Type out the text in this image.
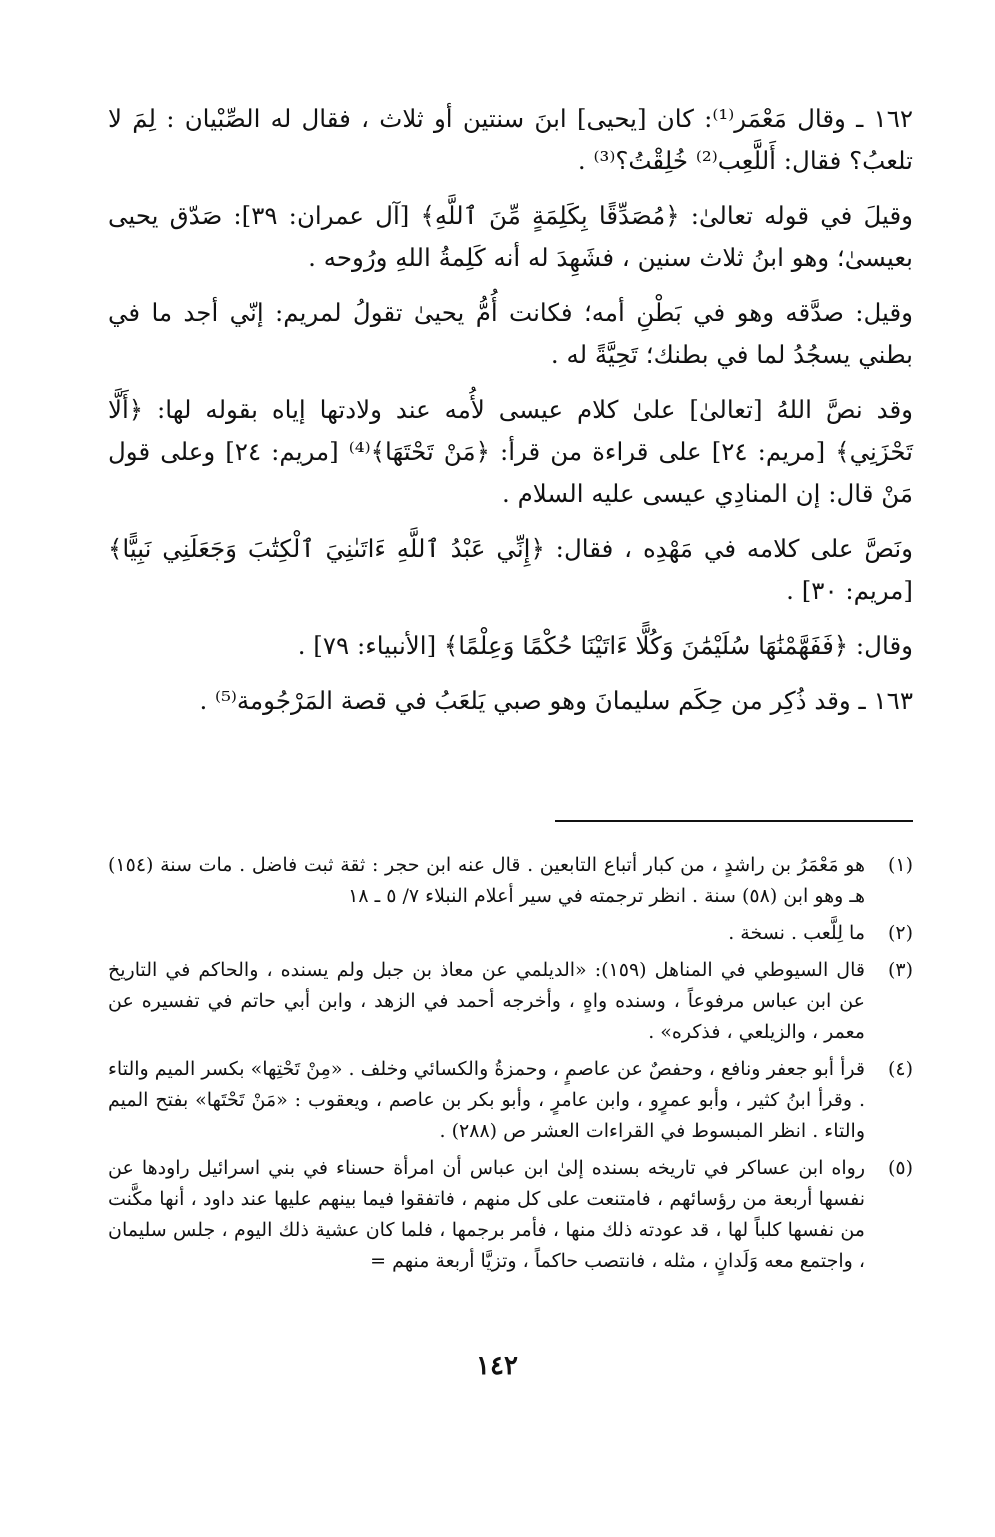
١٦٢ ـ وقال مَعْمَر⁽¹⁾: كان [يحيى] ابنَ سنتين أو ثلاث ، فقال له الصِّبْيان : لِمَ لا تلعبُ؟ فقال: أَللَّعِب⁽²⁾ خُلِقْتُ؟⁽³⁾ .

وقيلَ في قوله تعالىٰ: ﴿مُصَدِّقًا بِكَلِمَةٍ مِّنَ ٱللَّهِ﴾ [آل عمران: ٣٩]: صَدّق يحيى بعيسىٰ؛ وهو ابنُ ثلاث سنين ، فشَهِدَ له أنه كَلِمةُ اللهِ ورُوحه .

وقيل: صدَّقه وهو في بَطْنِ أمه؛ فكانت أُمُّ يحيىٰ تقولُ لمريم: إنّي أجد ما في بطني يسجُدُ لما في بطنك؛ تَحِيَّةً له .

وقد نصَّ اللهُ [تعالىٰ] علىٰ كلام عيسى لأُمه عند ولادتها إياه بقوله لها: ﴿أَلَّا تَحْزَنِي﴾ [مريم: ٢٤] على قراءة من قرأ: ﴿مَنْ تَحْتَهَا﴾⁽⁴⁾ [مريم: ٢٤] وعلى قول مَنْ قال: إن المنادِي عيسى عليه السلام .

ونَصَّ على كلامه في مَهْدِه ، فقال: ﴿إِنِّي عَبْدُ ٱللَّهِ ءَاتَىٰنِيَ ٱلْكِتَٰبَ وَجَعَلَنِي نَبِيًّا﴾ [مريم: ٣٠] .

وقال: ﴿فَفَهَّمْنَٰهَا سُلَيْمَٰنَ وَكُلًّا ءَاتَيْنَا حُكْمًا وَعِلْمًا﴾ [الأنبياء: ٧٩] .

١٦٣ ـ وقد ذُكِر من حِكَم سليمانَ وهو صبي يَلعَبُ في قصة المَرْجُومة⁽⁵⁾ .

(١)
هو مَعْمَرُ بن راشدٍ ، من كبار أتباع التابعين . قال عنه ابن حجر : ثقة ثبت فاضل . مات سنة (١٥٤) هـ وهو ابن (٥٨) سنة . انظر ترجمته في سير أعلام النبلاء ٧/ ٥ ـ ١٨
(٢)
ما لِلَّعب . نسخة .
(٣)
قال السيوطي في المناهل (١٥٩): «الديلمي عن معاذ بن جبل ولم يسنده ، والحاكم في التاريخ عن ابن عباس مرفوعاً ، وسنده واهٍ ، وأخرجه أحمد في الزهد ، وابن أبي حاتم في تفسيره عن معمر ، والزيلعي ، فذكره» .
(٤)
قرأ أبو جعفر ونافع ، وحفصٌ عن عاصمٍ ، وحمزةُ والكسائي وخلف . «مِنْ تَحْتِها» بكسر الميم والتاء . وقرأ ابنُ كثير ، وأبو عمرٍو ، وابن عامرٍ ، وأبو بكر بن عاصم ، ويعقوب : «مَنْ تَحْتَها» بفتح الميم والتاء . انظر المبسوط في القراءات العشر ص (٢٨٨) .
(٥)
رواه ابن عساكر في تاريخه بسنده إلىٰ ابن عباس أن امرأة حسناء في بني اسرائيل راودها عن نفسها أربعة من رؤسائهم ، فامتنعت على كل منهم ، فاتفقوا فيما بينهم عليها عند داود ، أنها مكَّنت من نفسها كلباً لها ، قد عودته ذلك منها ، فأمر برجمها ، فلما كان عشية ذلك اليوم ، جلس سليمان ، واجتمع معه وَلَدانٍ ، مثله ، فانتصب حاكماً ، وتزيَّا أربعة منهم =
١٤٢
